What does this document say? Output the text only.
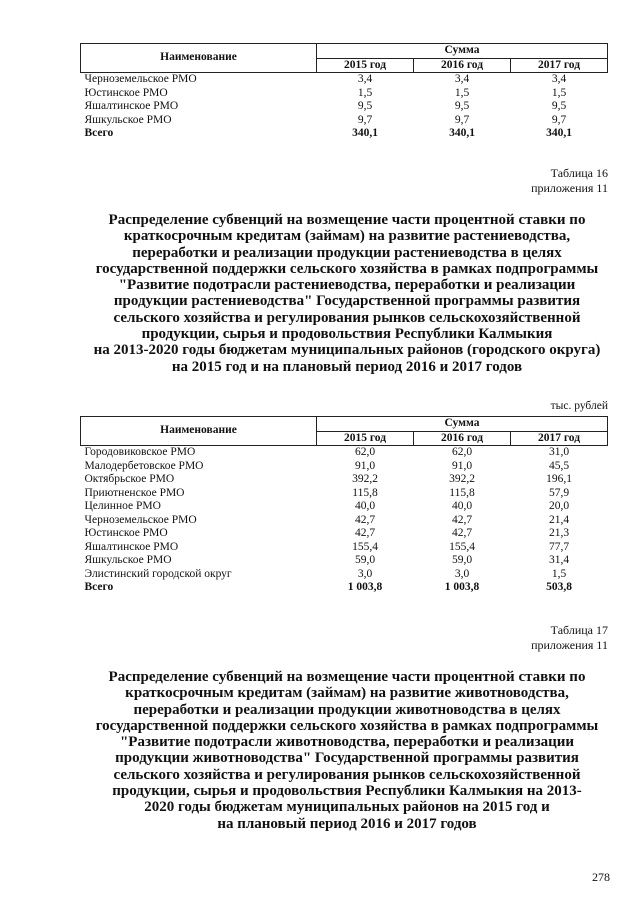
Наименование	Сумма		
	2015 год	2016 год	2017 год
Черноземельское РМО	3,4	3,4	3,4
Юстинское РМО	1,5	1,5	1,5
Яшалтинское РМО	9,5	9,5	9,5
Яшкульское РМО	9,7	9,7	9,7
Всего	340,1	340,1	340,1
Таблица 16
приложения 11
Распределение субвенций на возмещение части процентной ставки по
краткосрочным кредитам (займам) на развитие растениеводства,
переработки и реализации продукции растениеводства в целях
государственной поддержки сельского хозяйства в рамках подпрограммы
"Развитие подотрасли растениеводства, переработки и реализации
продукции растениеводства" Государственной программы развития
сельского хозяйства и регулирования рынков сельскохозяйственной
продукции, сырья и продовольствия Республики Калмыкия
на 2013-2020 годы бюджетам муниципальных районов (городского округа)
на 2015 год и на плановый период 2016 и 2017 годов
тыс. рублей
Наименование	Сумма		
	2015 год	2016 год	2017 год
Городовиковское РМО	62,0	62,0	31,0
Малодербетовское РМО	91,0	91,0	45,5
Октябрьское РМО	392,2	392,2	196,1
Приютненское РМО	115,8	115,8	57,9
Целинное РМО	40,0	40,0	20,0
Черноземельское РМО	42,7	42,7	21,4
Юстинское РМО	42,7	42,7	21,3
Яшалтинское РМО	155,4	155,4	77,7
Яшкульское РМО	59,0	59,0	31,4
Элистинский городской округ	3,0	3,0	1,5
Всего	1 003,8	1 003,8	503,8
Таблица 17
приложения 11
Распределение субвенций на возмещение части процентной ставки по
краткосрочным кредитам (займам) на развитие животноводства,
переработки и реализации продукции животноводства в целях
государственной поддержки сельского хозяйства в рамках подпрограммы
"Развитие подотрасли животноводства, переработки и реализации
продукции животноводства" Государственной программы развития
сельского хозяйства и регулирования рынков сельскохозяйственной
продукции, сырья и продовольствия Республики Калмыкия на 2013-
2020 годы бюджетам муниципальных районов на 2015 год и
на плановый период 2016 и 2017 годов
278
